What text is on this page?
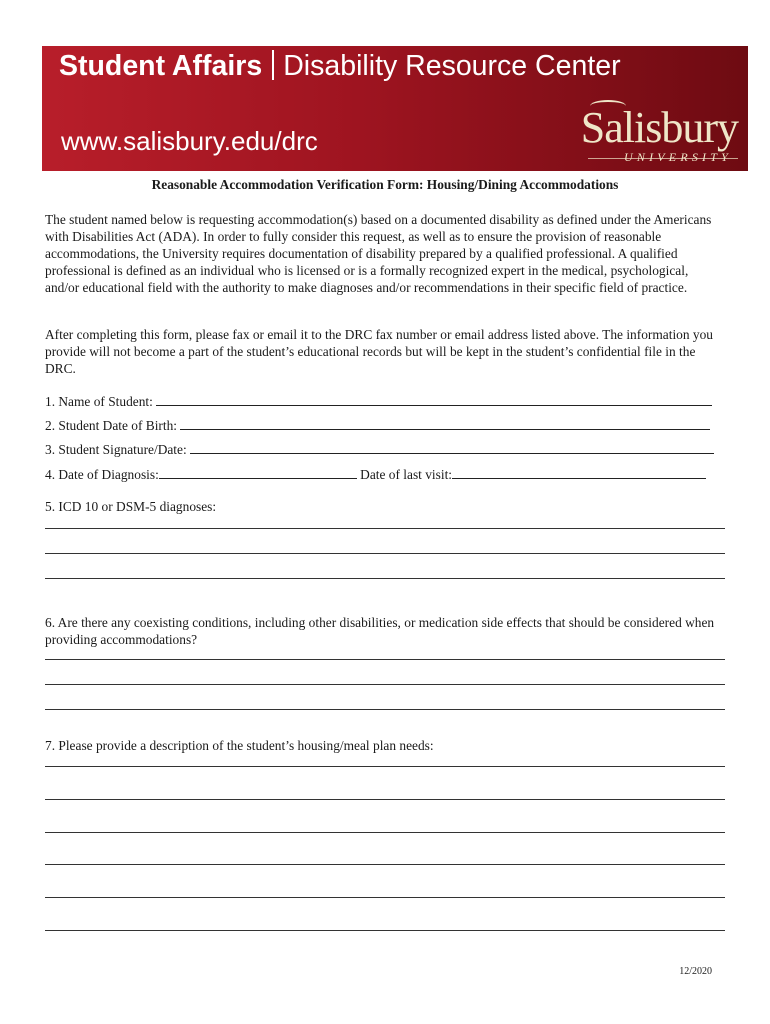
Student Affairs Disability Resource Center
www.salisbury.edu/drc	Salisbury
UNIVERSITY
Reasonable Accommodation Verification Form: Housing/Dining Accommodations

The student named below is requesting accommodation(s) based on a documented disability as defined under the Americans with Disabilities Act (ADA). In order to fully consider this request, as well as to ensure the provision of reasonable accommodations, the University requires documentation of disability prepared by a qualified professional. A qualified professional is defined as an individual who is licensed or is a formally recognized expert in the medical, psychological, and/or educational field with the authority to make diagnoses and/or recommendations in their specific field of practice.

After completing this form, please fax or email it to the DRC fax number or email address listed above. The information you provide will not become a part of the student’s educational records but will be kept in the student’s confidential file in the DRC.

1. Name of Student:
2. Student Date of Birth:
3. Student Signature/Date:
4. Date of Diagnosis:	Date of last visit:
5. ICD 10 or DSM-5 diagnoses:

6. Are there any coexisting conditions, including other disabilities, or medication side effects that should be considered when providing accommodations?

7. Please provide a description of the student’s housing/meal plan needs:
12/2020
